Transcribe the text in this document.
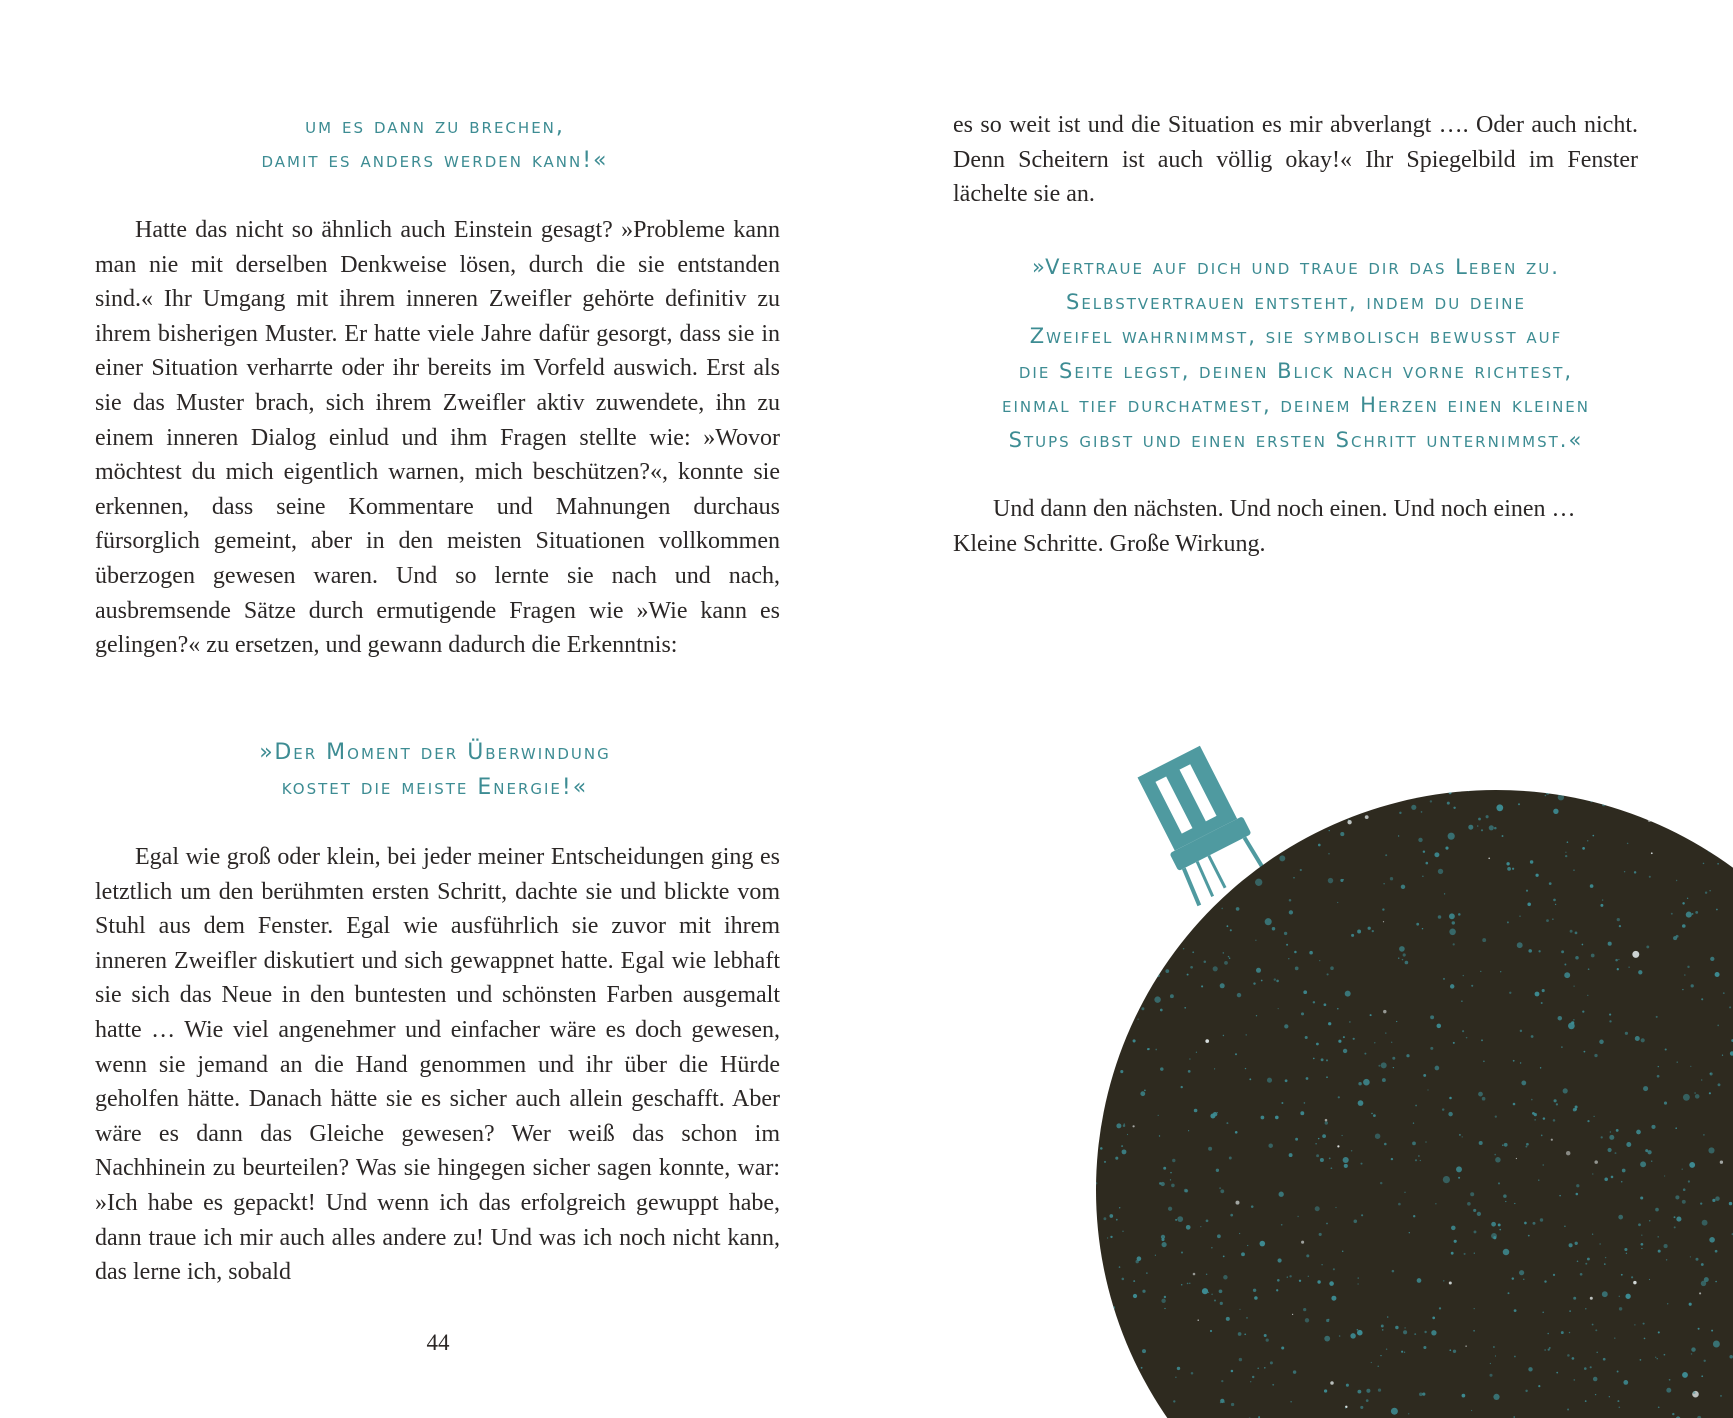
um es dann zu brechen,
damit es anders werden kann!«

Hatte das nicht so ähnlich auch Einstein gesagt? »Probleme kann man nie mit derselben Denkweise lösen, durch die sie entstanden sind.« Ihr Umgang mit ihrem inneren Zweifler gehörte definitiv zu ihrem bisherigen Muster. Er hatte viele Jahre dafür gesorgt, dass sie in einer Situation verharrte oder ihr bereits im Vorfeld auswich. Erst als sie das Muster brach, sich ihrem Zweifler aktiv zuwendete, ihn zu einem inneren Dialog einlud und ihm Fragen stellte wie: »Wovor möchtest du mich eigentlich warnen, mich beschützen?«, konnte sie erkennen, dass seine Kommentare und Mahnungen durchaus fürsorglich gemeint, aber in den meisten Situationen vollkommen überzogen gewesen waren. Und so lernte sie nach und nach, ausbremsende Sätze durch ermutigende Fragen wie »Wie kann es gelingen?« zu ersetzen, und gewann dadurch die Erkenntnis:

»Der Moment der Überwindung
kostet die meiste Energie!«

Egal wie groß oder klein, bei jeder meiner Entscheidungen ging es letztlich um den berühmten ersten Schritt, dachte sie und blickte vom Stuhl aus dem Fenster. Egal wie ausführlich sie zuvor mit ihrem inneren Zweifler diskutiert und sich gewappnet hatte. Egal wie lebhaft sie sich das Neue in den buntesten und schönsten Farben ausgemalt hatte … Wie viel angenehmer und einfacher wäre es doch gewesen, wenn sie jemand an die Hand genommen und ihr über die Hürde geholfen hätte. Danach hätte sie es sicher auch allein geschafft. Aber wäre es dann das Gleiche gewesen? Wer weiß das schon im Nachhinein zu beurteilen? Was sie hingegen sicher sagen konnte, war: »Ich habe es gepackt! Und wenn ich das erfolgreich gewuppt habe, dann traue ich mir auch alles andere zu! Und was ich noch nicht kann, das lerne ich, sobald

44

es so weit ist und die Situation es mir abverlangt …. Oder auch nicht. Denn Scheitern ist auch völlig okay!« Ihr Spiegelbild im Fenster lächelte sie an.

»Vertraue auf dich und traue dir das Leben zu.
Selbstvertrauen entsteht, indem du deine
Zweifel wahrnimmst, sie symbolisch bewusst auf
die Seite legst, deinen Blick nach vorne richtest,
einmal tief durchatmest, deinem Herzen einen kleinen
Stups gibst und einen ersten Schritt unternimmst.«

Und dann den nächsten. Und noch einen. Und noch einen …

Kleine Schritte. Große Wirkung.
